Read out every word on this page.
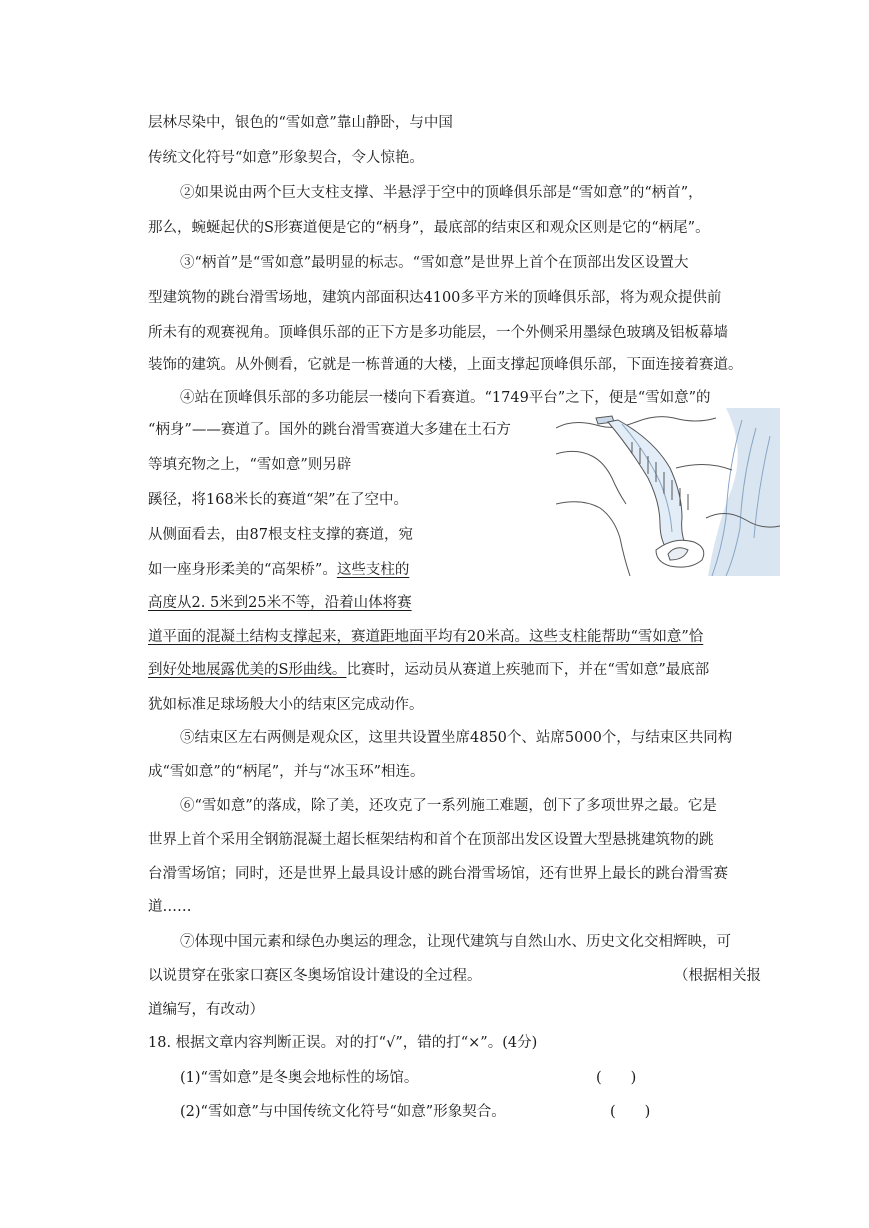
层林尽染中，银色的“雪如意”靠山静卧，与中国
传统文化符号“如意”形象契合，令人惊艳。
②如果说由两个巨大支柱支撑、半悬浮于空中的顶峰俱乐部是“雪如意”的“柄首”，
那么，蜿蜒起伏的S形赛道便是它的“柄身”，最底部的结束区和观众区则是它的“柄尾”。
③“柄首”是“雪如意”最明显的标志。“雪如意”是世界上首个在顶部出发区设置大
型建筑物的跳台滑雪场地，建筑内部面积达4100多平方米的顶峰俱乐部，将为观众提供前
所未有的观赛视角。顶峰俱乐部的正下方是多功能层，一个外侧采用墨绿色玻璃及铝板幕墙
装饰的建筑。从外侧看，它就是一栋普通的大楼，上面支撑起顶峰俱乐部，下面连接着赛道。
④站在顶峰俱乐部的多功能层一楼向下看赛道。“1749平台”之下，便是“雪如意”的
“柄身”——赛道了。国外的跳台滑雪赛道大多建在土石方
等填充物之上，“雪如意”则另辟
蹊径，将168米长的赛道“架”在了空中。
从侧面看去，由87根支柱支撑的赛道，宛
如一座身形柔美的“高架桥”。这些支柱的
高度从2. 5米到25米不等，沿着山体将赛
道平面的混凝土结构支撑起来，赛道距地面平均有20米高。这些支柱能帮助“雪如意”恰
到好处地展露优美的S形曲线。比赛时，运动员从赛道上疾驰而下，并在“雪如意”最底部
犹如标准足球场般大小的结束区完成动作。
⑤结束区左右两侧是观众区，这里共设置坐席4850个、站席5000个，与结束区共同构
成“雪如意”的“柄尾”，并与“冰玉环”相连。
⑥“雪如意”的落成，除了美，还攻克了一系列施工难题，创下了多项世界之最。它是
世界上首个采用全钢筋混凝土超长框架结构和首个在顶部出发区设置大型悬挑建筑物的跳
台滑雪场馆；同时，还是世界上最具设计感的跳台滑雪场馆，还有世界上最长的跳台滑雪赛
道……
⑦体现中国元素和绿色办奥运的理念，让现代建筑与自然山水、历史文化交相辉映，可
以说贯穿在张家口赛区冬奥场馆设计建设的全过程。	（根据相关报
道编写，有改动）
18. 根据文章内容判断正误。对的打“√”，错的打“×”。(4分)
(1)“雪如意”是冬奥会地标性的场馆。	(　　)
(2)“雪如意”与中国传统文化符号“如意”形象契合。	(　　)
